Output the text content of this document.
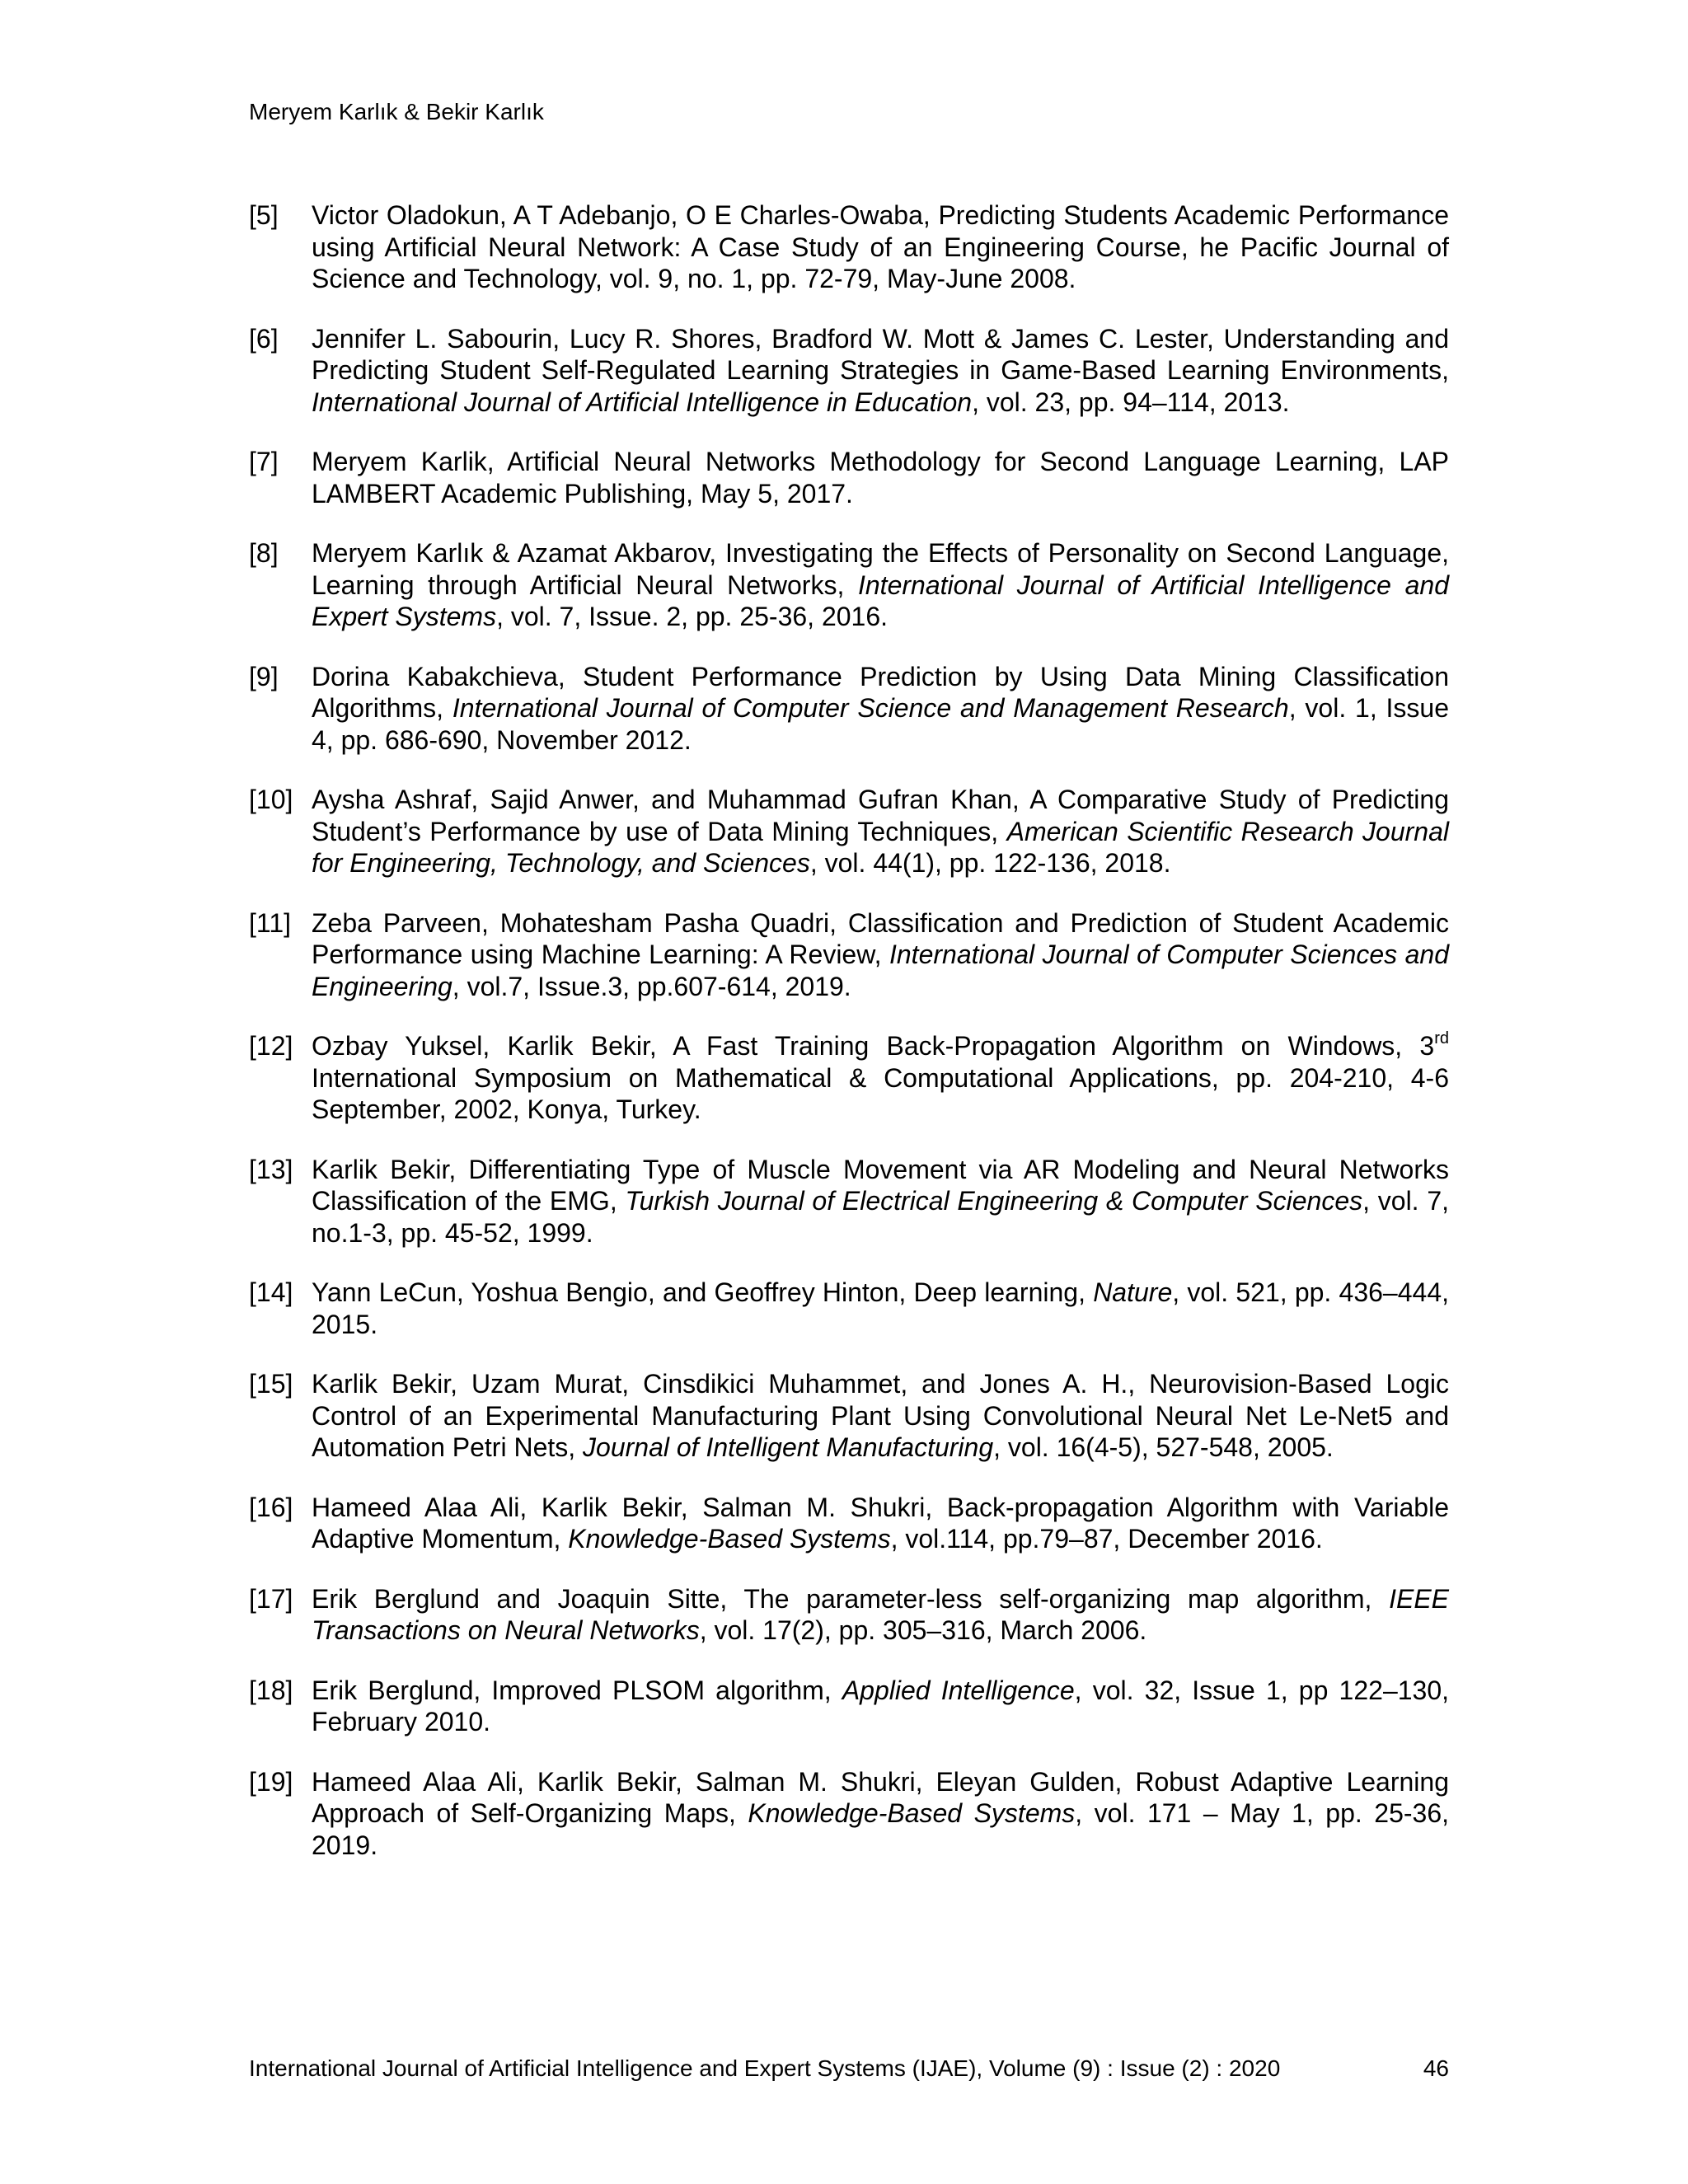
Meryem Karlık & Bekir Karlık
[5]	Victor Oladokun, A T Adebanjo, O E Charles-Owaba, Predicting Students Academic Performance using Artificial Neural Network: A Case Study of an Engineering Course, he Pacific Journal of Science and Technology, vol. 9, no. 1, pp. 72-79, May-June 2008.
[6]	Jennifer L. Sabourin, Lucy R. Shores, Bradford W. Mott & James C. Lester, Understanding and Predicting Student Self-Regulated Learning Strategies in Game-Based Learning Environments, International Journal of Artificial Intelligence in Education, vol. 23, pp. 94–114, 2013.
[7]	Meryem Karlik, Artificial Neural Networks Methodology for Second Language Learning, LAP LAMBERT Academic Publishing, May 5, 2017.
[8]	Meryem Karlık & Azamat Akbarov, Investigating the Effects of Personality on Second Language, Learning through Artificial Neural Networks, International Journal of Artificial Intelligence and Expert Systems, vol. 7, Issue. 2, pp. 25-36, 2016.
[9]	Dorina Kabakchieva, Student Performance Prediction by Using Data Mining Classification Algorithms, International Journal of Computer Science and Management Research, vol. 1, Issue 4, pp. 686-690, November 2012.
[10] Aysha Ashraf, Sajid Anwer, and Muhammad Gufran Khan, A Comparative Study of Predicting Student’s Performance by use of Data Mining Techniques, American Scientific Research Journal for Engineering, Technology, and Sciences, vol. 44(1), pp. 122-136, 2018.
[11] Zeba Parveen, Mohatesham Pasha Quadri, Classification and Prediction of Student Academic Performance using Machine Learning: A Review, International Journal of Computer Sciences and Engineering, vol.7, Issue.3, pp.607-614, 2019.
[12] Ozbay Yuksel, Karlik Bekir, A Fast Training Back-Propagation Algorithm on Windows, 3rd International Symposium on Mathematical & Computational Applications, pp. 204-210, 4-6 September, 2002, Konya, Turkey.
[13] Karlik Bekir, Differentiating Type of Muscle Movement via AR Modeling and Neural Networks Classification of the EMG, Turkish Journal of Electrical Engineering & Computer Sciences, vol. 7, no.1-3, pp. 45-52, 1999.
[14] Yann LeCun, Yoshua Bengio, and Geoffrey Hinton, Deep learning, Nature, vol. 521, pp. 436–444, 2015.
[15] Karlik Bekir, Uzam Murat, Cinsdikici Muhammet, and Jones A. H., Neurovision-Based Logic Control of an Experimental Manufacturing Plant Using Convolutional Neural Net Le-Net5 and Automation Petri Nets, Journal of Intelligent Manufacturing, vol. 16(4-5), 527-548, 2005.
[16] Hameed Alaa Ali, Karlik Bekir, Salman M. Shukri, Back-propagation Algorithm with Variable Adaptive Momentum, Knowledge-Based Systems, vol.114, pp.79–87, December 2016.
[17] Erik Berglund and Joaquin Sitte, The parameter-less self-organizing map algorithm, IEEE Transactions on Neural Networks, vol. 17(2), pp. 305–316, March 2006.
[18] Erik Berglund, Improved PLSOM algorithm, Applied Intelligence, vol. 32, Issue 1, pp 122–130, February 2010.
[19] Hameed Alaa Ali, Karlik Bekir, Salman M. Shukri, Eleyan Gulden, Robust Adaptive Learning Approach of Self-Organizing Maps, Knowledge-Based Systems, vol. 171 – May 1, pp. 25-36, 2019.
International Journal of Artificial Intelligence and Expert Systems (IJAE), Volume (9) : Issue (2) : 2020	46
